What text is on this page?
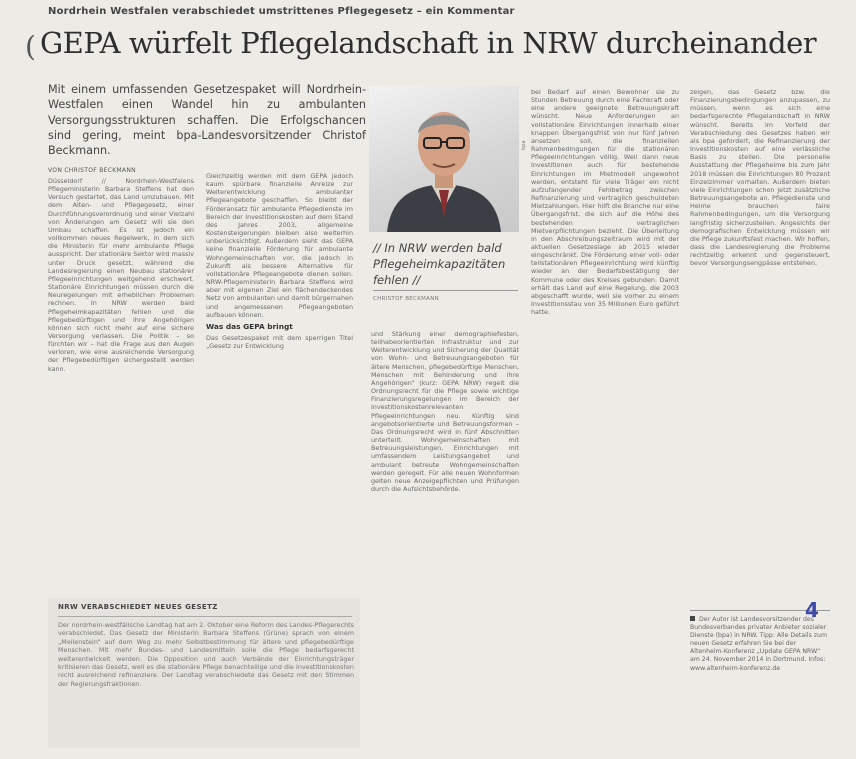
Nordrhein Westfalen verabschiedet umstrittenes Pflegegesetz – ein Kommentar
( GEPA würfelt Pflegelandschaft in NRW durcheinander
Mit einem umfassenden Gesetzespaket will Nordrhein-Westfalen einen Wandel hin zu ambulanten Versorgungsstrukturen schaffen. Die Erfolgschancen sind gering, meint bpa-Landesvorsitzender Christof Beckmann.
VON CHRISTOF BECKMANN
Düsseldorf // Nordrhein-Westfalens Pflegeministerin Barbara Steffens hat den Versuch gestartet, das Land umzubauen. Mit dem Alten- und Pflegegesetz, einer Durchführungsverordnung und einer Vielzahl von Änderungen am Gesetz will sie den Umbau schaffen. Es ist jedoch ein vollkommen neues Regelwerk, in dem sich die Ministerin für mehr ambulante Pflege ausspricht. Der stationäre Sektor wird massiv unter Druck gesetzt, während die Landesregierung einen Neubau stationärer Pflegeeinrichtungen weitgehend erschwert. Stationäre Einrichtungen müssen durch die Neuregelungen mit erheblichen Problemen rechnen. In NRW werden bald Pflegeheimkapazitäten fehlen und die Pflegebedürftigen und ihre Angehörigen können sich nicht mehr auf eine sichere Versorgung verlassen. Die Politik – so fürchten wir – hat die Frage aus den Augen verloren, wie eine ausreichende Versorgung der Pflegebedürftigen sichergestellt werden kann.
Gleichzeitig werden mit dem GEPA jedoch kaum spürbare finanzielle Anreize zur Weiterentwicklung ambulanter Pflegeangebote geschaffen. So bleibt der Förderansatz für ambulante Pflegedienste im Bereich der Investitionskosten auf dem Stand des Jahres 2003, allgemeine Kostensteigerungen bleiben also weiterhin unberücksichtigt. Außerdem sieht das GEPA keine finanzielle Förderung für ambulante Wohngemeinschaften vor, die jedoch in Zukunft als bessere Alternative für vollstationäre Pflegeangebote dienen sollen. NRW-Pflegeministerin Barbara Steffens wird aber mit eigenen Ziel ein flächendeckendes Netz von ambulanten und damit bürgernahen und angemessenen Pflegeangeboten aufbauen können.
Was das GEPA bringt
Das Gesetzespaket mit dem sperrigen Titel „Gesetz zur Entwicklung
bpa
// In NRW werden bald Pflegeheimkapazitäten fehlen //
CHRISTOF BECKMANN
und Stärkung einer demographiefesten, teilhabeorientierten Infrastruktur und zur Weiterentwicklung und Sicherung der Qualität von Wohn- und Betreuungsangeboten für ältere Menschen, pflegebedürftige Menschen, Menschen mit Behinderung und ihre Angehörigen“ (kurz: GEPA NRW) regelt die Ordnungsrecht für die Pflege sowie wichtige Finanzierungsregelungen im Bereich der investitionskostenrelevanten Pflegeeinrichtungen neu. Künftig sind angebotsorientierte und Betreuungsformen – Das Ordnungsrecht wird in fünf Abschnitten unterteilt. Wohngemeinschaften mit Betreuungsleistungen, Einrichtungen mit umfassendem Leistungsangebot und ambulant betreute Wohngemeinschaften werden geregelt. Für alle neuen Wohnformen gelten neue Anzeigepflichten und Prüfungen durch die Aufsichtsbehörde.
bei Bedarf auf einen Bewohner sie zu Stunden Betreuung durch eine Fachkraft oder eine andere geeignete Betreuungskraft wünscht. Neue Anforderungen an vollstationäre Einrichtungen innerhalb einer knappen Übergangsfrist von nur fünf Jahren ansetzen soll, die finanziellen Rahmenbedingungen für die stationären Pflegeeinrichtungen völlig. Weil dann neue Investitionen auch für bestehende Einrichtungen im Mietmodell ungewohnt werden, entsteht für viele Träger ein nicht aufzufangender Fehlbetrag zwischen Refinanzierung und vertraglich geschuldeten Mietzahlungen. Hier hilft die Branche nur eine Übergangsfrist, die sich auf die Höhe des bestehenden vertraglichen Mietverpflichtungen bezieht. Die Überleitung in den Abschreibungszeitraum wird mit der aktuellen Gesetzeslage ab 2015 wieder eingeschränkt. Die Förderung einer voll- oder teilstationären Pflegeeinrichtung wird künftig wieder an der Bedarfsbestätigung der Kommune oder des Kreises gebunden. Damit erhält das Land auf eine Regelung, die 2003 abgeschafft wurde, weil sie vorher zu einem Investitionsstau von 35 Millionen Euro geführt hatte.
zeigen, das Gesetz bzw. die Finanzierungsbedingungen anzupassen, zu müssen, wenn es sich eine bedarfsgerechte Pflegelandschaft in NRW wünscht. Bereits im Vorfeld der Verabschiedung des Gesetzes haben wir als bpa gefordert, die Refinanzierung der Investitionskosten auf eine verlässliche Basis zu stellen. Die personelle Ausstattung der Pflegeheime bis zum Jahr 2018 müssen die Einrichtungen 80 Prozent Einzelzimmer vorhalten. Außerdem bieten viele Einrichtungen schon jetzt zusätzliche Betreuungsangebote an. Pflegedienste und Heime brauchen faire Rahmenbedingungen, um die Versorgung langfristig sicherzustellen. Angesichts der demografischen Entwicklung müssen wir die Pflege zukunftsfest machen. Wir hoffen, dass die Landesregierung die Probleme rechtzeitig erkennt und gegensteuert, bevor Versorgungsengpässe entstehen.
NRW VERABSCHIEDET NEUES GESETZ
Der nordrhein-westfälische Landtag hat am 2. Oktober eine Reform des Landes-Pflegerechts verabschiedet. Das Gesetz der Ministerin Barbara Steffens (Grüne) sprach von einem „Meilenstein“ auf dem Weg zu mehr Selbstbestimmung für ältere und pflegebedürftige Menschen. Mit mehr Bundes- und Landesmitteln solle die Pflege bedarfsgerecht weiterentwickelt werden. Die Opposition und auch Verbände der Einrichtungsträger kritisieren das Gesetz, weil es die stationäre Pflege benachteilige und die Investitionskosten nicht ausreichend refinanziere. Der Landtag verabschiedete das Gesetz mit den Stimmen der Regierungsfraktionen.
Der Autor ist Landesvorsitzender des Bundesverbandes privater Anbieter sozialer Dienste (bpa) in NRW. Tipp: Alle Details zum neuen Gesetz erfahren Sie bei der Altenheim-Konferenz „Update GEPA NRW“ am 24. November 2014 in Dortmund. Infos: www.altenheim-konferenz.de
4
